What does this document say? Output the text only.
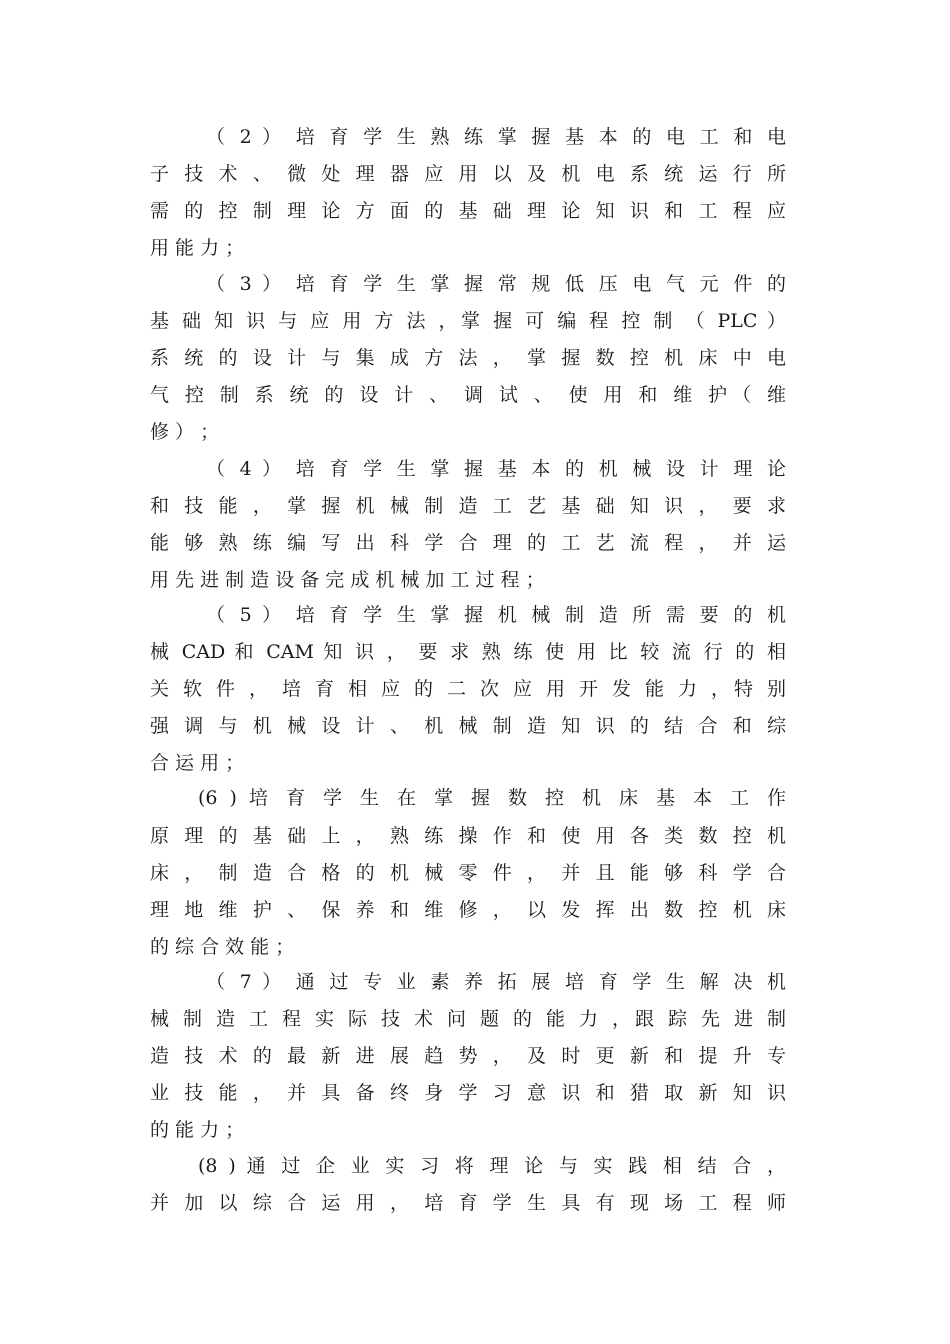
（ 2 ） 培 育 学 生 熟 练 掌 握 基 本 的 电 工 和 电
子 技 术 、 微 处 理 器 应 用 以 及 机 电 系 统 运 行 所
需 的 控 制 理 论 方 面 的 基 础 理 论 知 识 和 工 程 应
用 能 力 ；
（ 3 ） 培 育 学 生 掌 握 常 规 低 压 电 气 元 件 的
基 础 知 识 与 应 用 方 法 ，掌 握 可 编 程 控 制 （ PLC ）
系 统 的 设 计 与 集 成 方 法 ， 掌 握 数 控 机 床 中 电
气 控 制 系 统 的 设 计 、 调 试 、 使 用 和 维 护（ 维
修 ） ；
（ 4 ） 培 育 学 生 掌 握 基 本 的 机 械 设 计 理 论
和 技 能 ， 掌 握 机 械 制 造 工 艺 基 础 知 识 ， 要 求
能 够 熟 练 编 写 出 科 学 合 理 的 工 艺 流 程 ， 并 运
用 先 进 制 造 设 备 完 成 机 械 加 工 过 程 ；
（ 5 ） 培 育 学 生 掌 握 机 械 制 造 所 需 要 的 机
械 CAD 和 CAM 知 识 ， 要 求 熟 练 使 用 比 较 流 行 的 相
关 软 件 ， 培 育 相 应 的 二 次 应 用 开 发 能 力 ，特 别
强 调 与 机 械 设 计 、 机 械 制 造 知 识 的 结 合 和 综
合 运 用 ；
(6 ) 培 育 学 生 在 掌 握 数 控 机 床 基 本 工 作
原 理 的 基 础 上 ， 熟 练 操 作 和 使 用 各 类 数 控 机
床 ， 制 造 合 格 的 机 械 零 件 ， 并 且 能 够 科 学 合
理 地 维 护 、 保 养 和 维 修 ， 以 发 挥 出 数 控 机 床
的 综 合 效 能 ；
（ 7 ） 通 过 专 业 素 养 拓 展 培 育 学 生 解 决 机
械 制 造 工 程 实 际 技 术 问 题 的 能 力 ，跟 踪 先 进 制
造 技 术 的 最 新 进 展 趋 势 ， 及 时 更 新 和 提 升 专
业 技 能 ， 并 具 备 终 身 学 习 意 识 和 猎 取 新 知 识
的 能 力 ；
(8 ) 通 过 企 业 实 习 将 理 论 与 实 践 相 结 合 ，
并 加 以 综 合 运 用 ， 培 育 学 生 具 有 现 场 工 程 师
